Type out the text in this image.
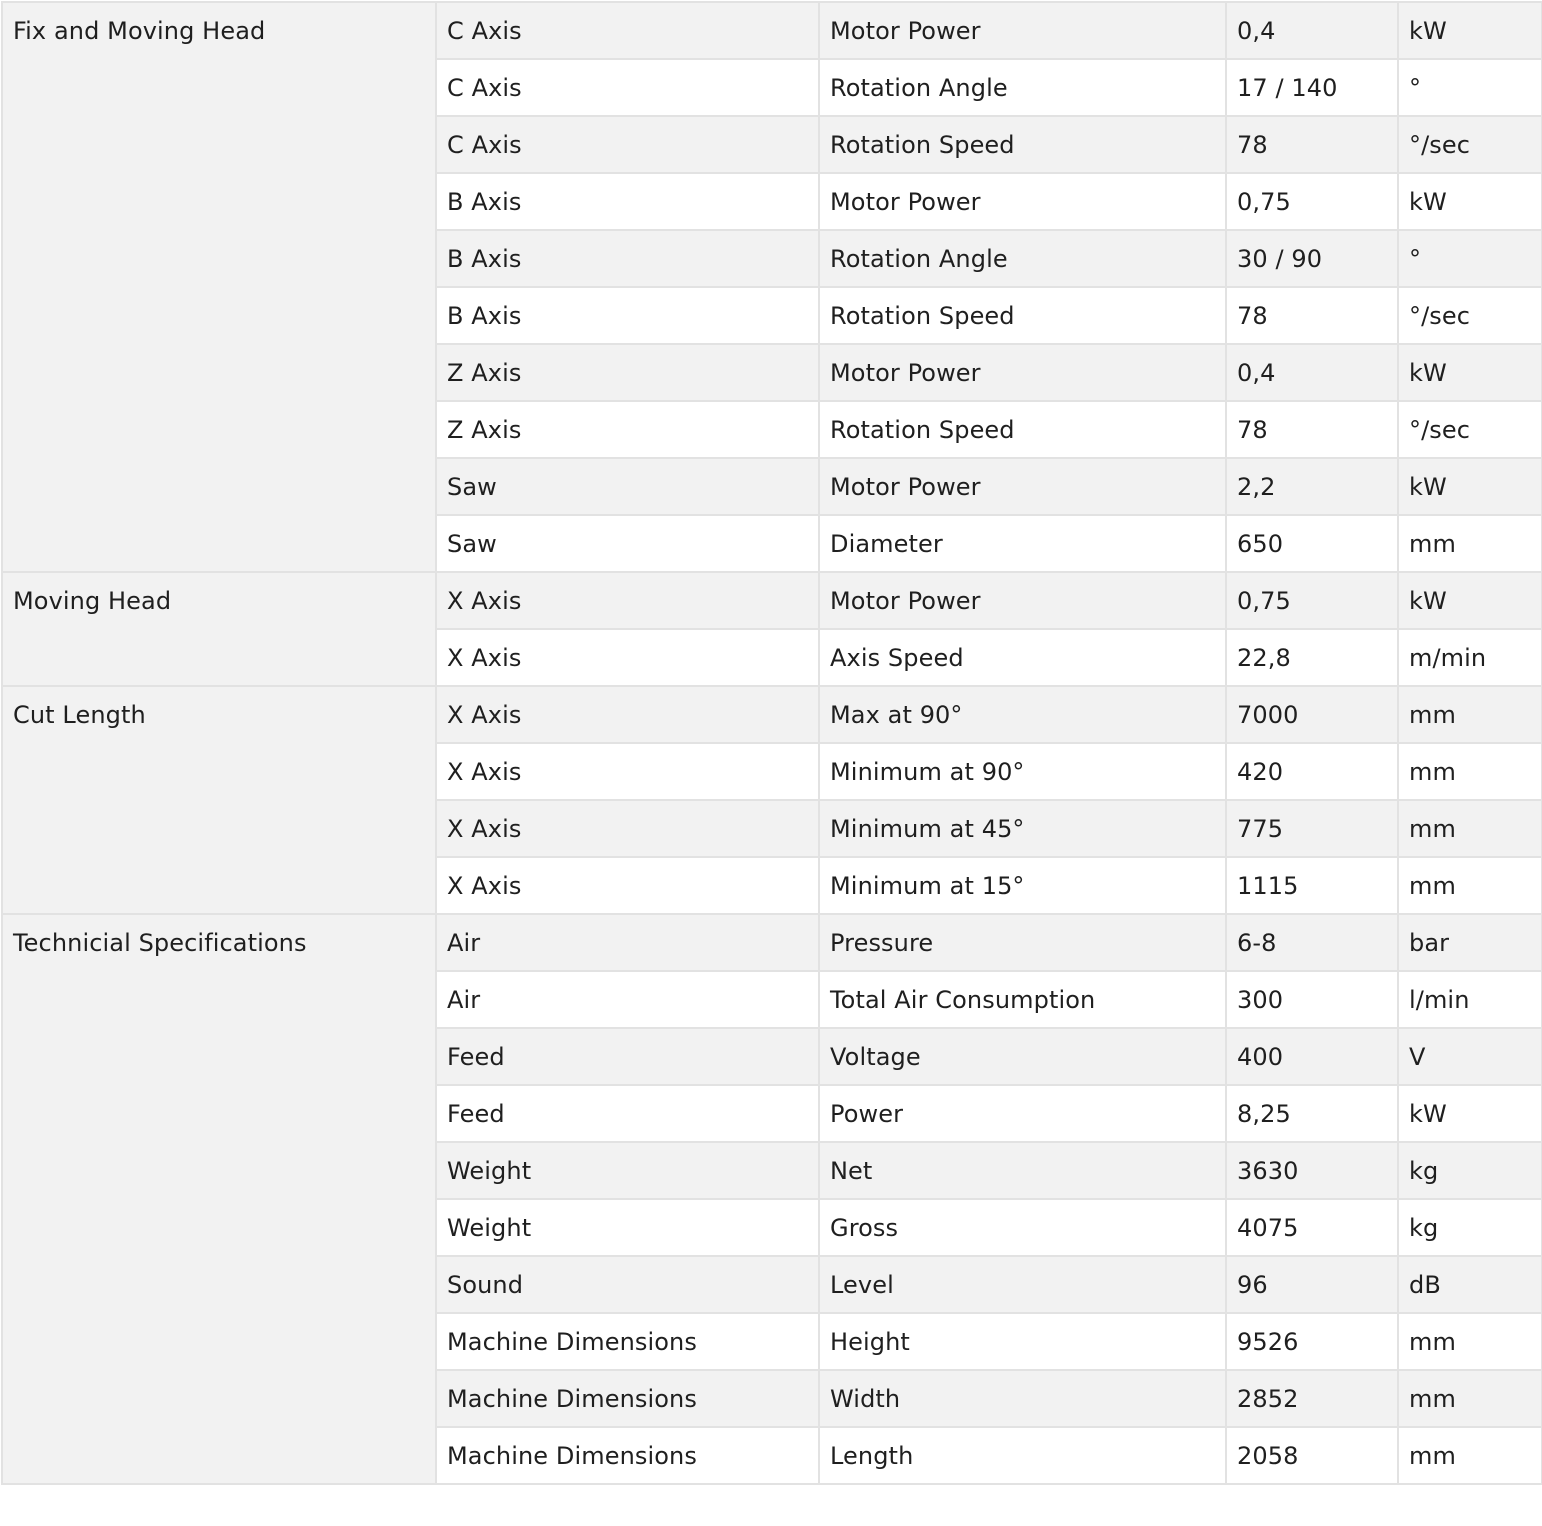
Fix and Moving Head	C Axis	Motor Power	0,4	kW
	C Axis	Rotation Angle	17 / 140	°
	C Axis	Rotation Speed	78	°/sec
	B Axis	Motor Power	0,75	kW
	B Axis	Rotation Angle	30 / 90	°
	B Axis	Rotation Speed	78	°/sec
	Z Axis	Motor Power	0,4	kW
	Z Axis	Rotation Speed	78	°/sec
	Saw	Motor Power	2,2	kW
	Saw	Diameter	650	mm
Moving Head	X Axis	Motor Power	0,75	kW
	X Axis	Axis Speed	22,8	m/min
Cut Length	X Axis	Max at 90°	7000	mm
	X Axis	Minimum at 90°	420	mm
	X Axis	Minimum at 45°	775	mm
	X Axis	Minimum at 15°	1115	mm
Technicial Specifications	Air	Pressure	6-8	bar
	Air	Total Air Consumption	300	l/min
	Feed	Voltage	400	V
	Feed	Power	8,25	kW
	Weight	Net	3630	kg
	Weight	Gross	4075	kg
	Sound	Level	96	dB
	Machine Dimensions	Height	9526	mm
	Machine Dimensions	Width	2852	mm
	Machine Dimensions	Length	2058	mm
